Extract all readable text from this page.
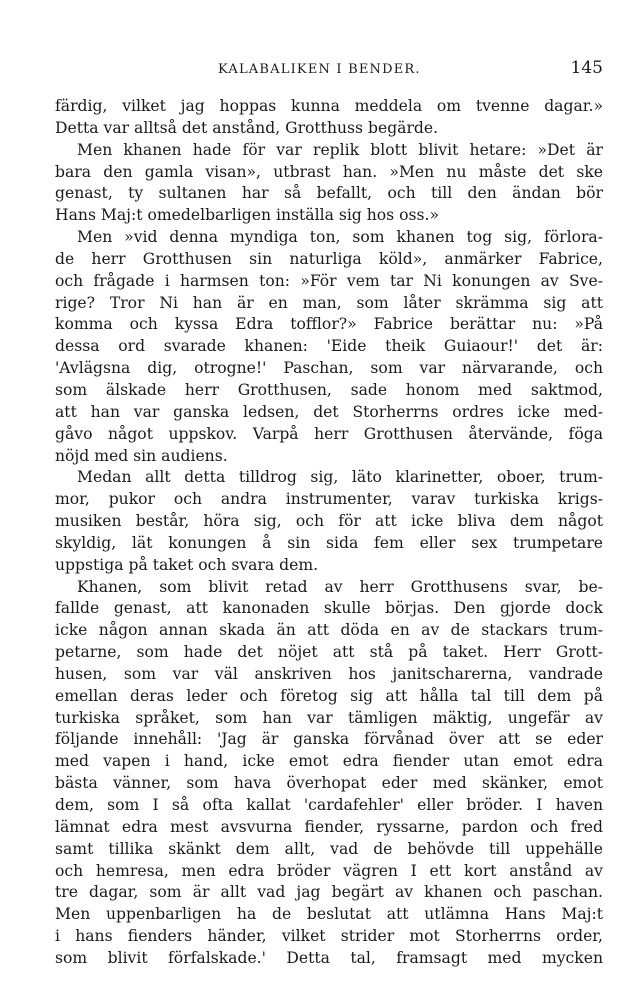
KALABALIKEN I BENDER.	145
färdig, vilket jag hoppas kunna meddela om tvenne dagar.»
Detta var alltså det anstånd, Grotthuss begärde.
Men khanen hade för var replik blott blivit hetare: »Det är
bara den gamla visan», utbrast han. »Men nu måste det ske
genast, ty sultanen har så befallt, och till den ändan bör
Hans Maj:t omedelbarligen inställa sig hos oss.»
Men »vid denna myndiga ton, som khanen tog sig, förlora-
de herr Grotthusen sin naturliga köld», anmärker Fabrice,
och frågade i harmsen ton: »För vem tar Ni konungen av Sve-
rige? Tror Ni han är en man, som låter skrämma sig att
komma och kyssa Edra tofflor?» Fabrice berättar nu: »På
dessa ord svarade khanen: 'Eide theik Guiaour!' det är:
'Avlägsna dig, otrogne!' Paschan, som var närvarande, och
som älskade herr Grotthusen, sade honom med saktmod,
att han var ganska ledsen, det Storherrns ordres icke med-
gåvo något uppskov. Varpå herr Grotthusen återvände, föga
nöjd med sin audiens.
Medan allt detta tilldrog sig, läto klarinetter, oboer, trum-
mor, pukor och andra instrumenter, varav turkiska krigs-
musiken består, höra sig, och för att icke bliva dem något
skyldig, lät konungen å sin sida fem eller sex trumpetare
uppstiga på taket och svara dem.
Khanen, som blivit retad av herr Grotthusens svar, be-
fallde genast, att kanonaden skulle börjas. Den gjorde dock
icke någon annan skada än att döda en av de stackars trum-
petarne, som hade det nöjet att stå på taket. Herr Grott-
husen, som var väl anskriven hos janitscharerna, vandrade
emellan deras leder och företog sig att hålla tal till dem på
turkiska språket, som han var tämligen mäktig, ungefär av
följande innehåll: 'Jag är ganska förvånad över att se eder
med vapen i hand, icke emot edra fiender utan emot edra
bästa vänner, som hava överhopat eder med skänker, emot
dem, som I så ofta kallat 'cardafehler' eller bröder. I haven
lämnat edra mest avsvurna fiender, ryssarne, pardon och fred
samt tillika skänkt dem allt, vad de behövde till uppehälle
och hemresa, men edra bröder vägren I ett kort anstånd av
tre dagar, som är allt vad jag begärt av khanen och paschan.
Men uppenbarligen ha de beslutat att utlämna Hans Maj:t
i hans fienders händer, vilket strider mot Storherrns order,
som blivit förfalskade.' Detta tal, framsagt med mycken
